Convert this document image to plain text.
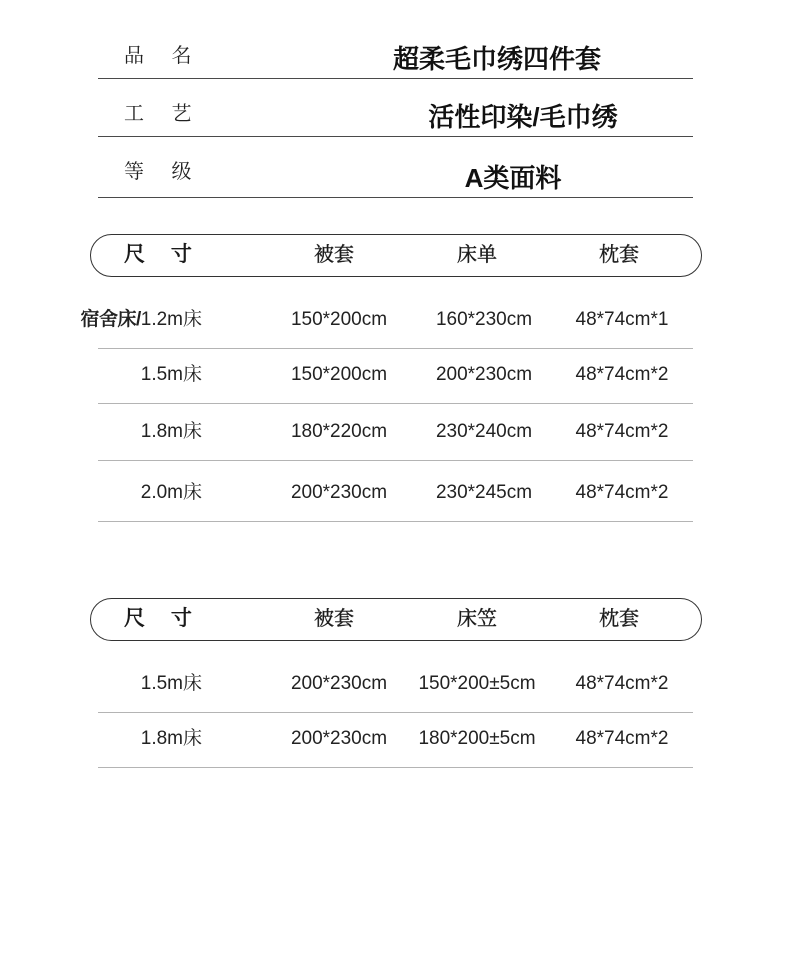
品 名	超柔毛巾绣四件套
工 艺	活性印染/毛巾绣
等 级	A类面料
尺 寸	被套	床单	枕套
宿舍床/1.2m床	150*200cm	160*230cm 48*74cm*1
1.5m床	150*200cm	200*230cm 48*74cm*2
1.8m床	180*220cm	230*240cm 48*74cm*2
2.0m床	200*230cm	230*245cm 48*74cm*2
尺 寸	被套	床笠	枕套
1.5m床	200*230cm 150*200±5cm 48*74cm*2
1.8m床	200*230cm 180*200±5cm 48*74cm*2
